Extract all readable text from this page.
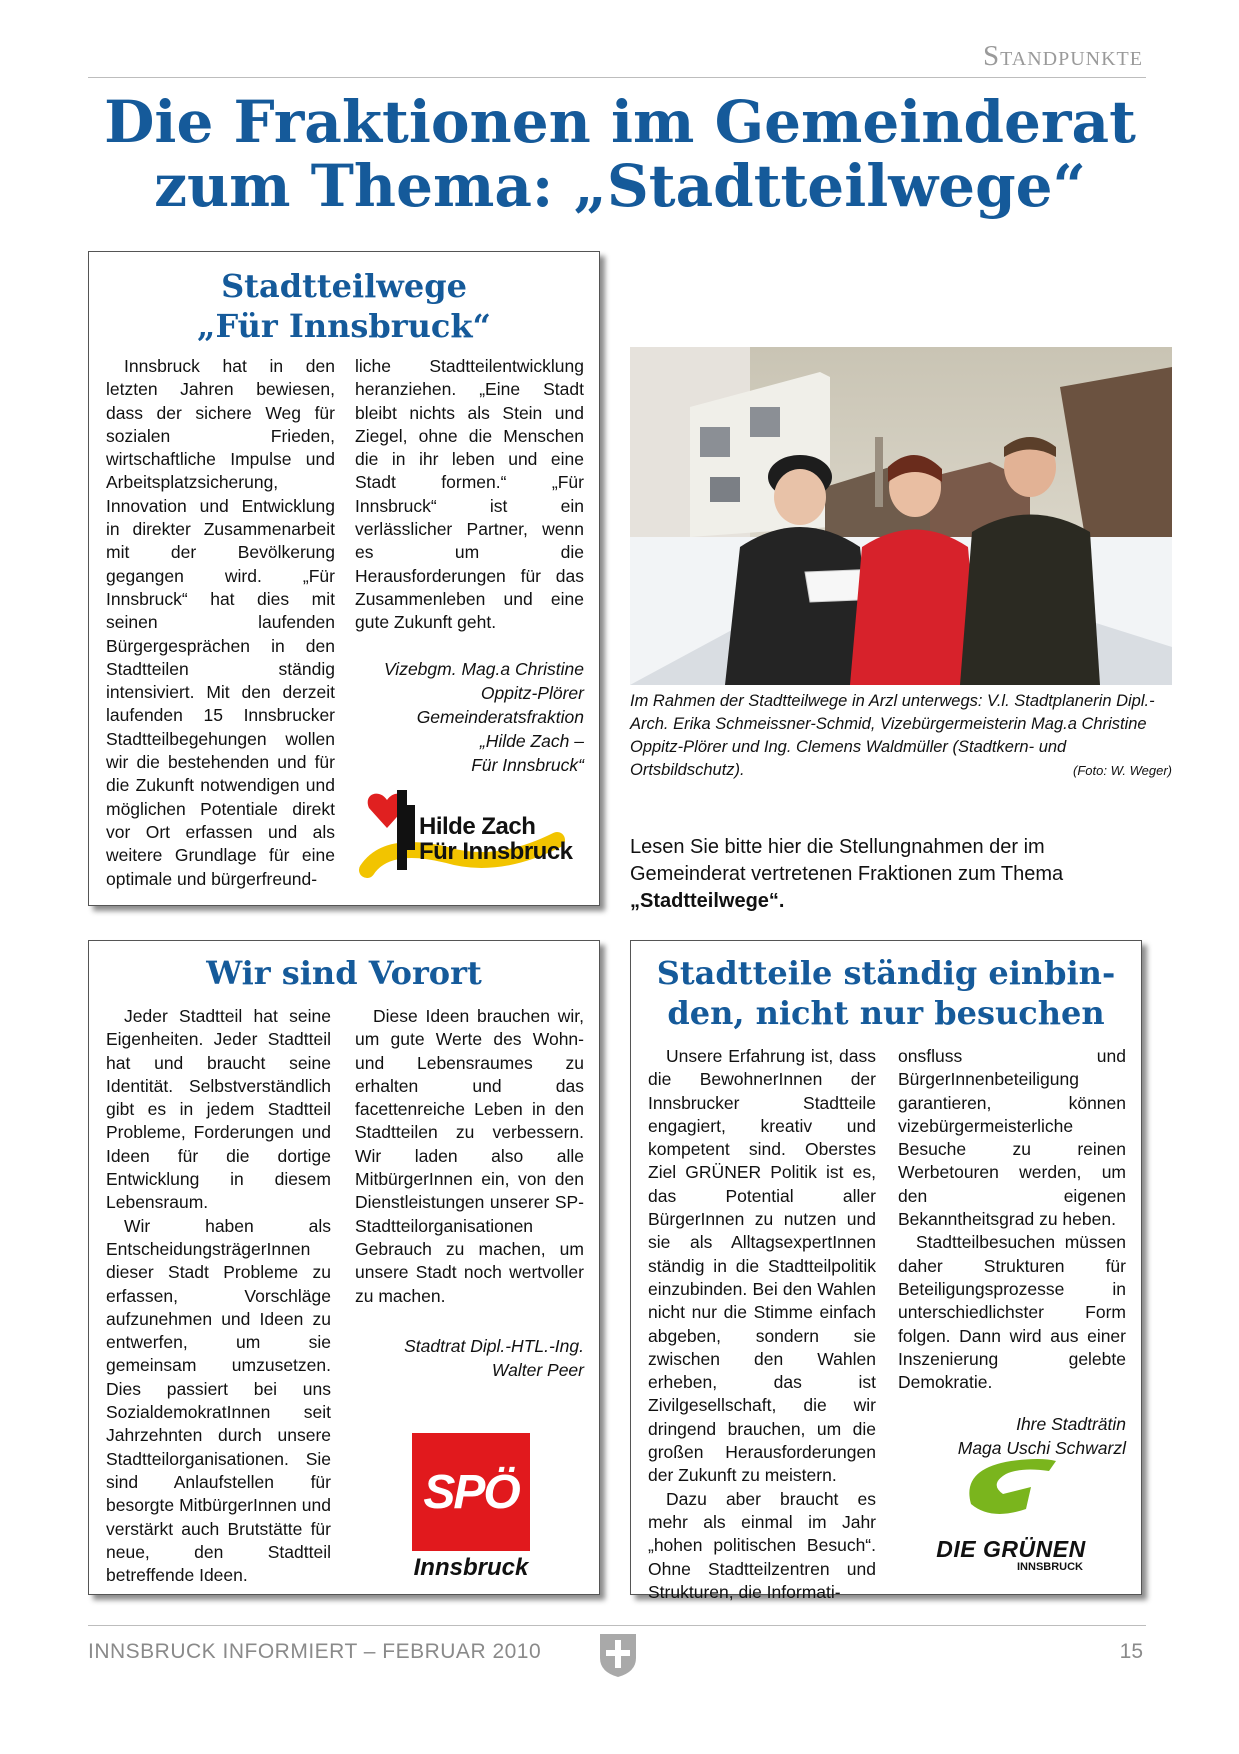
Standpunkte
Die Fraktionen im Gemeinderat
zum Thema: „Stadtteilwege“
Stadtteilwege
„Für Innsbruck“

Innsbruck hat in den letzten Jahren bewiesen, dass der sichere Weg für sozialen Frieden, wirtschaftliche Impulse und Arbeitsplatzsicherung, Innovation und Entwicklung in direkter Zusammenarbeit mit der Bevölkerung gegangen wird. „Für Innsbruck“ hat dies mit seinen laufenden Bürgergesprächen in den Stadtteilen ständig intensiviert. Mit den derzeit laufenden 15 Innsbrucker Stadtteilbegehungen wollen wir die bestehenden und für die Zukunft notwendigen und möglichen Potentiale direkt vor Ort erfassen und als weitere Grundlage für eine optimale und bürgerfreund-

liche Stadtteilentwicklung heranziehen. „Eine Stadt bleibt nichts als Stein und Ziegel, ohne die Menschen die in ihr leben und eine Stadt formen.“ „Für Innsbruck“ ist ein verlässlicher Partner, wenn es um die Herausforderungen für das Zusammenleben und eine gute Zukunft geht.

Vizebgm. Mag.a Christine
Oppitz-Plörer
Gemeinderatsfraktion
„Hilde Zach –
Für Innsbruck“
Hilde Zach
Für Innsbruck
Im Rahmen der Stadtteilwege in Arzl unterwegs: V.l. Stadtplanerin Dipl.-Arch. Erika Schmeissner-Schmid, Vizebürgermeisterin Mag.a Christine Oppitz-Plörer und Ing. Clemens Waldmüller (Stadtkern- und Ortsbildschutz).	(Foto: W. Weger)
Lesen Sie bitte hier die Stellungnahmen der im Gemeinderat vertretenen Fraktionen zum Thema „Stadtteilwege“.
Wir sind Vorort

Jeder Stadtteil hat seine Eigenheiten. Jeder Stadtteil hat und braucht seine Identität. Selbstverständlich gibt es in jedem Stadtteil Probleme, Forderungen und Ideen für die dortige Entwicklung in diesem Lebensraum.

Wir haben als EntscheidungsträgerInnen dieser Stadt Probleme zu erfassen, Vorschläge aufzunehmen und Ideen zu entwerfen, um sie gemeinsam umzusetzen. Dies passiert bei uns SozialdemokratInnen seit Jahrzehnten durch unsere Stadtteilorganisationen. Sie sind Anlaufstellen für besorgte MitbürgerInnen und verstärkt auch Brutstätte für neue, den Stadtteil betreffende Ideen.

Diese Ideen brauchen wir, um gute Werte des Wohn- und Lebensraumes zu erhalten und das facettenreiche Leben in den Stadtteilen zu verbessern. Wir laden also alle MitbürgerInnen ein, von den Dienstleistungen unserer SP-Stadtteilorganisationen Gebrauch zu machen, um unsere Stadt noch wertvoller zu machen.

Stadtrat Dipl.-HTL.-Ing.
Walter Peer
SPÖ
Innsbruck
Stadtteile ständig einbin-
den, nicht nur besuchen

Unsere Erfahrung ist, dass die BewohnerInnen der Innsbrucker Stadtteile engagiert, kreativ und kompetent sind. Oberstes Ziel GRÜNER Politik ist es, das Potential aller BürgerInnen zu nutzen und sie als AlltagsexpertInnen ständig in die Stadtteilpolitik einzubinden. Bei den Wahlen nicht nur die Stimme einfach abgeben, sondern sie zwischen den Wahlen erheben, das ist Zivilgesellschaft, die wir dringend brauchen, um die großen Herausforderungen der Zukunft zu meistern.

Dazu aber braucht es mehr als einmal im Jahr „hohen politischen Besuch“. Ohne Stadtteilzentren und Strukturen, die Informati-

onsfluss und BürgerInnenbeteiligung garantieren, können vizebürgermeisterliche Besuche zu reinen Werbetouren werden, um den eigenen Bekanntheitsgrad zu heben.

Stadtteilbesuchen müssen daher Strukturen für Beteiligungsprozesse in unterschiedlichster Form folgen. Dann wird aus einer Inszenierung gelebte Demokratie.

Ihre Stadträtin
Maga Uschi Schwarzl
DIE GRÜNEN
INNSBRUCK
INNSBRUCK INFORMIERT – FEBRUAR 2010	15
